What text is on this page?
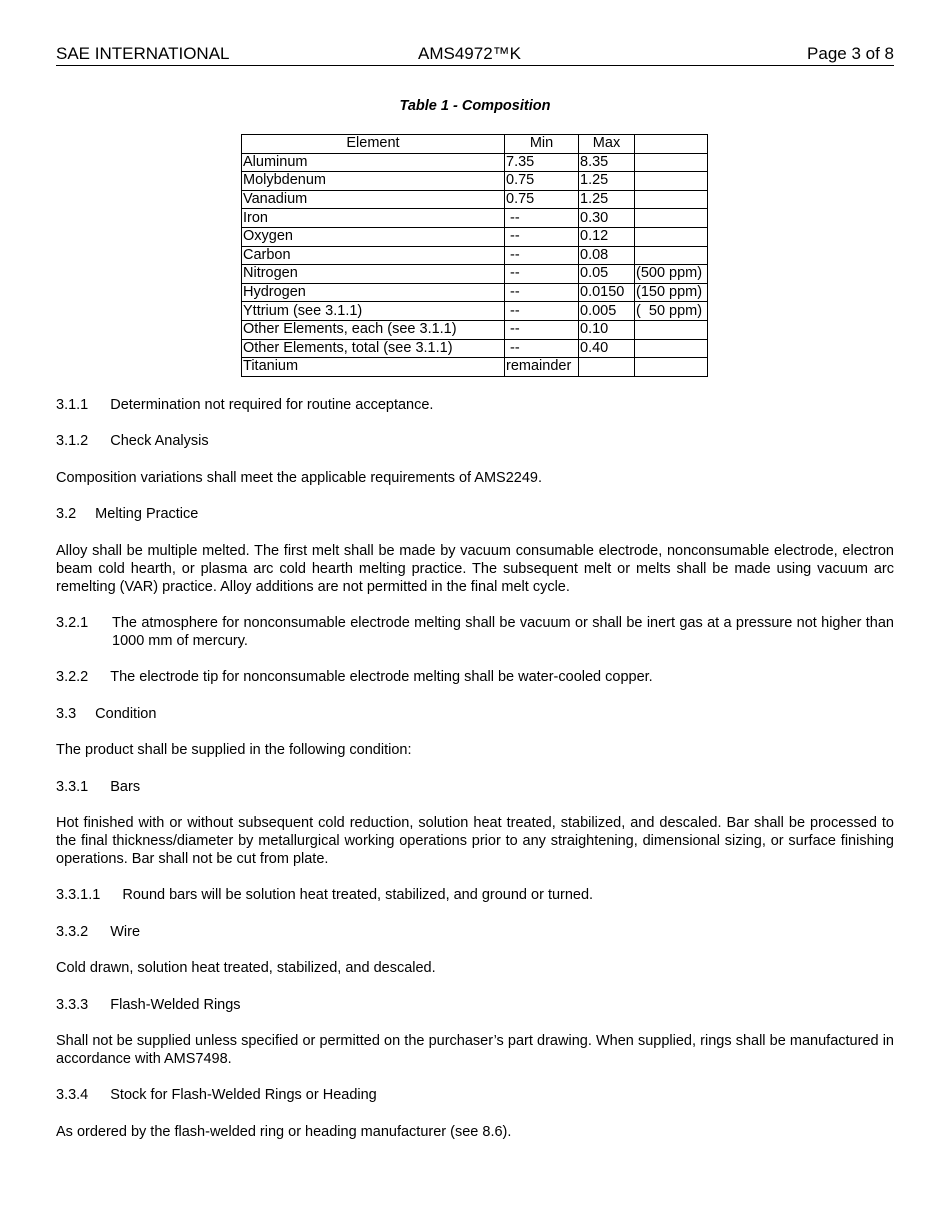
SAE INTERNATIONAL	AMS4972™K	Page 3 of 8
Table 1 - Composition
Element	Min	Max	
Aluminum	7.35	8.35	
Molybdenum	0.75	1.25	
Vanadium	0.75	1.25	
Iron	--	0.30	
Oxygen	--	0.12	
Carbon	--	0.08	
Nitrogen	--	0.05	(500 ppm)
Hydrogen	--	0.0150	(150 ppm)
Yttrium (see 3.1.1)	--	0.005	(  50 ppm)
Other Elements, each (see 3.1.1)	--	0.10	
Other Elements, total (see 3.1.1)	--	0.40	
Titanium	remainder		
3.1.1 Determination not required for routine acceptance.
3.1.2 Check Analysis
Composition variations shall meet the applicable requirements of AMS2249.
3.2 Melting Practice
Alloy shall be multiple melted. The first melt shall be made by vacuum consumable electrode, nonconsumable electrode, electron beam cold hearth, or plasma arc cold hearth melting practice. The subsequent melt or melts shall be made using vacuum arc remelting (VAR) practice. Alloy additions are not permitted in the final melt cycle.
3.2.1	The atmosphere for nonconsumable electrode melting shall be vacuum or shall be inert gas at a pressure not higher than 1000 mm of mercury.
3.2.2 The electrode tip for nonconsumable electrode melting shall be water-cooled copper.
3.3 Condition
The product shall be supplied in the following condition:
3.3.1 Bars
Hot finished with or without subsequent cold reduction, solution heat treated, stabilized, and descaled. Bar shall be processed to the final thickness/diameter by metallurgical working operations prior to any straightening, dimensional sizing, or surface finishing operations. Bar shall not be cut from plate.
3.3.1.1 Round bars will be solution heat treated, stabilized, and ground or turned.
3.3.2 Wire
Cold drawn, solution heat treated, stabilized, and descaled.
3.3.3 Flash-Welded Rings
Shall not be supplied unless specified or permitted on the purchaser’s part drawing. When supplied, rings shall be manufactured in accordance with AMS7498.
3.3.4 Stock for Flash-Welded Rings or Heading
As ordered by the flash-welded ring or heading manufacturer (see 8.6).
